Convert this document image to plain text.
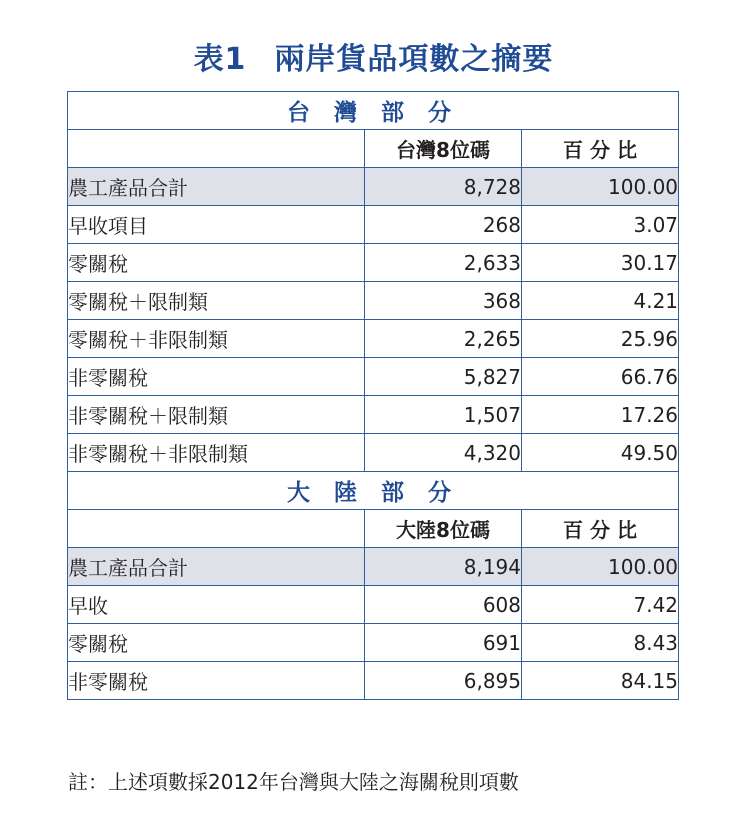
表1 兩岸貨品項數之摘要
台 灣 部 分		
	台灣8位碼	百 分 比
農工產品合計	8,728	100.00
早收項目	268	3.07
零關稅	2,633	30.17
零關稅＋限制類	368	4.21
零關稅＋非限制類	2,265	25.96
非零關稅	5,827	66.76
非零關稅＋限制類	1,507	17.26
非零關稅＋非限制類	4,320	49.50
大 陸 部 分		
	大陸8位碼	百 分 比
農工產品合計	8,194	100.00
早收	608	7.42
零關稅	691	8.43
非零關稅	6,895	84.15
註：上述項數採2012年台灣與大陸之海關稅則項數
